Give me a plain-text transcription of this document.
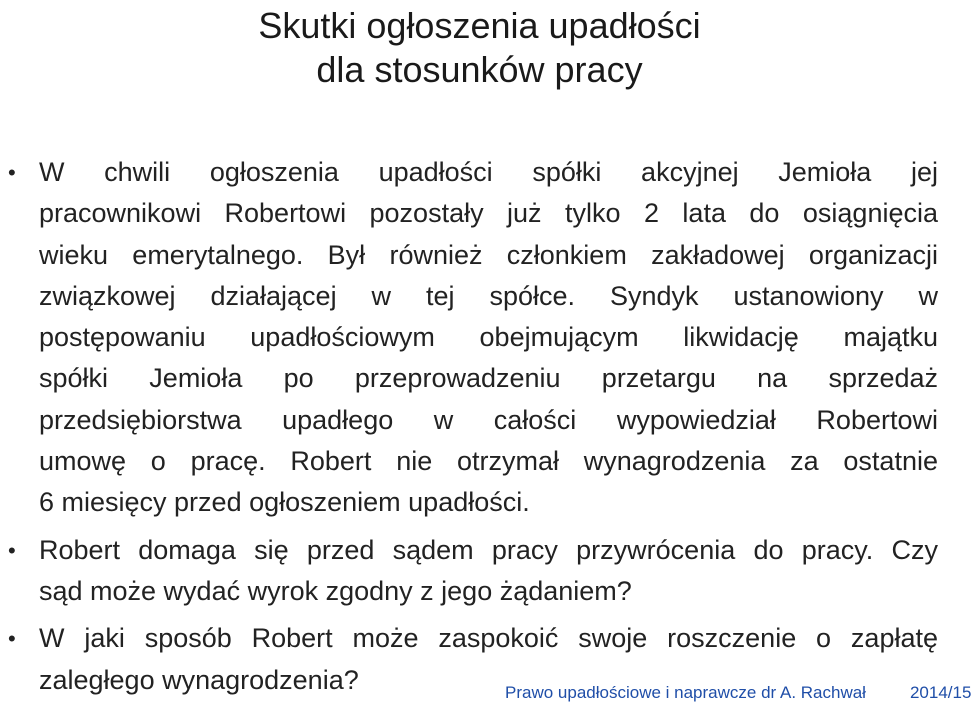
Skutki ogłoszenia upadłości
dla stosunków pracy
• W chwili ogłoszenia upadłości spółki akcyjnej Jemioła jej
pracownikowi Robertowi pozostały już tylko 2 lata do osiągnięcia
wieku emerytalnego. Był również członkiem zakładowej organizacji
związkowej działającej w tej spółce. Syndyk ustanowiony w
postępowaniu upadłościowym obejmującym likwidację majątku
spółki Jemioła po przeprowadzeniu przetargu na sprzedaż
przedsiębiorstwa upadłego w całości wypowiedział Robertowi
umowę o pracę. Robert nie otrzymał wynagrodzenia za ostatnie
6 miesięcy przed ogłoszeniem upadłości.
• Robert domaga się przed sądem pracy przywrócenia do pracy. Czy
sąd może wydać wyrok zgodny z jego żądaniem?
• W jaki sposób Robert może zaspokoić swoje roszczenie o zapłatę
zaległego wynagrodzenia?	Prawo upadłościowe i naprawcze dr A. Rachwał	2014/15
